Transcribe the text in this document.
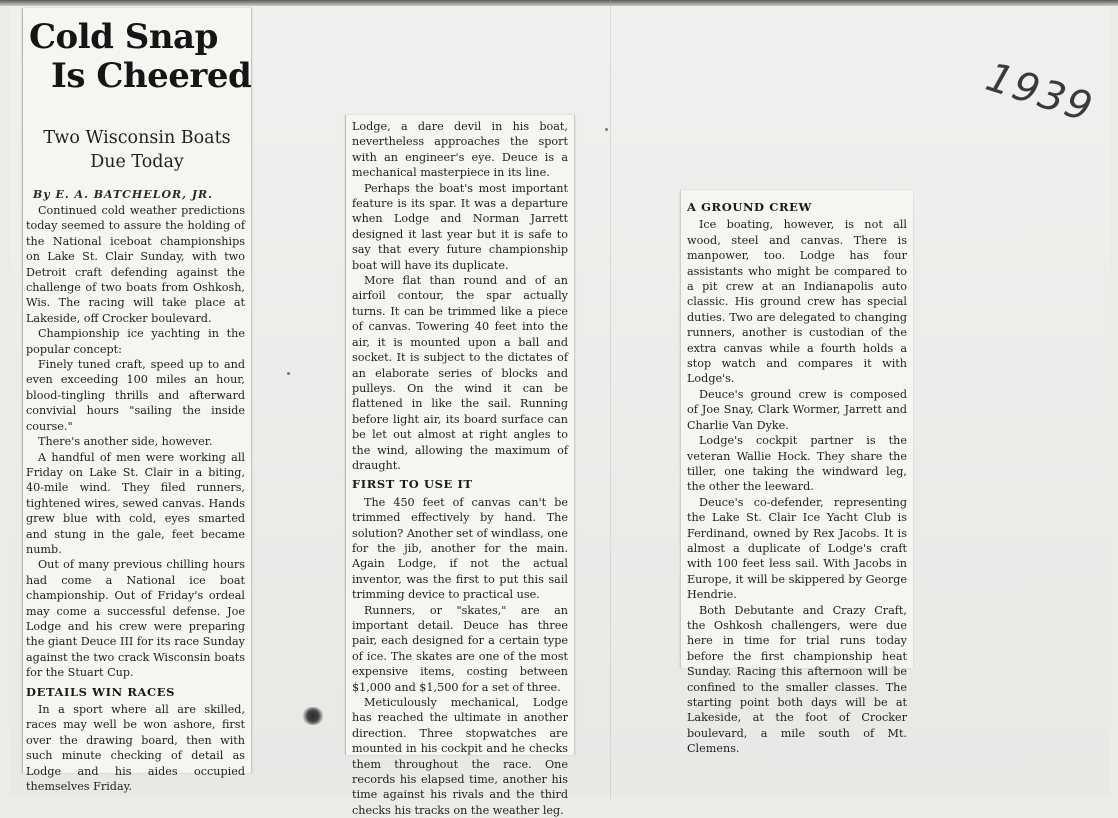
Cold Snap
Is Cheered
Two Wisconsin Boats
Due Today
By E. A. BATCHELOR, JR.

Continued cold weather predictions today seemed to assure the holding of the National iceboat championships on Lake St. Clair Sunday, with two Detroit craft defending against the challenge of two boats from Oshkosh, Wis. The racing will take place at Lakeside, off Crocker boulevard.

Championship ice yachting in the popular concept:

Finely tuned craft, speed up to and even exceeding 100 miles an hour, blood-tingling thrills and afterward convivial hours "sailing the inside course."

There's another side, however.

A handful of men were working all Friday on Lake St. Clair in a biting, 40-mile wind. They filed runners, tightened wires, sewed canvas. Hands grew blue with cold, eyes smarted and stung in the gale, feet became numb.

Out of many previous chilling hours had come a National ice boat championship. Out of Friday's ordeal may come a successful defense. Joe Lodge and his crew were preparing the giant Deuce III for its race Sunday against the two crack Wisconsin boats for the Stuart Cup.

DETAILS WIN RACES

In a sport where all are skilled, races may well be won ashore, first over the drawing board, then with such minute checking of detail as Lodge and his aides occupied themselves Friday.

Lodge, a dare devil in his boat, nevertheless approaches the sport with an engineer's eye. Deuce is a mechanical masterpiece in its line.

Perhaps the boat's most important feature is its spar. It was a departure when Lodge and Norman Jarrett designed it last year but it is safe to say that every future championship boat will have its duplicate.

More flat than round and of an airfoil contour, the spar actually turns. It can be trimmed like a piece of canvas. Towering 40 feet into the air, it is mounted upon a ball and socket. It is subject to the dictates of an elaborate series of blocks and pulleys. On the wind it can be flattened in like the sail. Running before light air, its board surface can be let out almost at right angles to the wind, allowing the maximum of draught.

FIRST TO USE IT

The 450 feet of canvas can't be trimmed effectively by hand. The solution? Another set of windlass, one for the jib, another for the main. Again Lodge, if not the actual inventor, was the first to put this sail trimming device to practical use.

Runners, or "skates," are an important detail. Deuce has three pair, each designed for a certain type of ice. The skates are one of the most expensive items, costing between $1,000 and $1,500 for a set of three.

Meticulously mechanical, Lodge has reached the ultimate in another direction. Three stopwatches are mounted in his cockpit and he checks them throughout the race. One records his elapsed time, another his time against his rivals and the third checks his tracks on the weather leg.

A GROUND CREW

Ice boating, however, is not all wood, steel and canvas. There is manpower, too. Lodge has four assistants who might be compared to a pit crew at an Indianapolis auto classic. His ground crew has special duties. Two are delegated to changing runners, another is custodian of the extra canvas while a fourth holds a stop watch and compares it with Lodge's.

Deuce's ground crew is composed of Joe Snay, Clark Wormer, Jarrett and Charlie Van Dyke.

Lodge's cockpit partner is the veteran Wallie Hock. They share the tiller, one taking the windward leg, the other the leeward.

Deuce's co-defender, representing the Lake St. Clair Ice Yacht Club is Ferdinand, owned by Rex Jacobs. It is almost a duplicate of Lodge's craft with 100 feet less sail. With Jacobs in Europe, it will be skippered by George Hendrie.

Both Debutante and Crazy Craft, the Oshkosh challengers, were due here in time for trial runs today before the first championship heat Sunday. Racing this afternoon will be confined to the smaller classes. The starting point both days will be at Lakeside, at the foot of Crocker boulevard, a mile south of Mt. Clemens.

1939
